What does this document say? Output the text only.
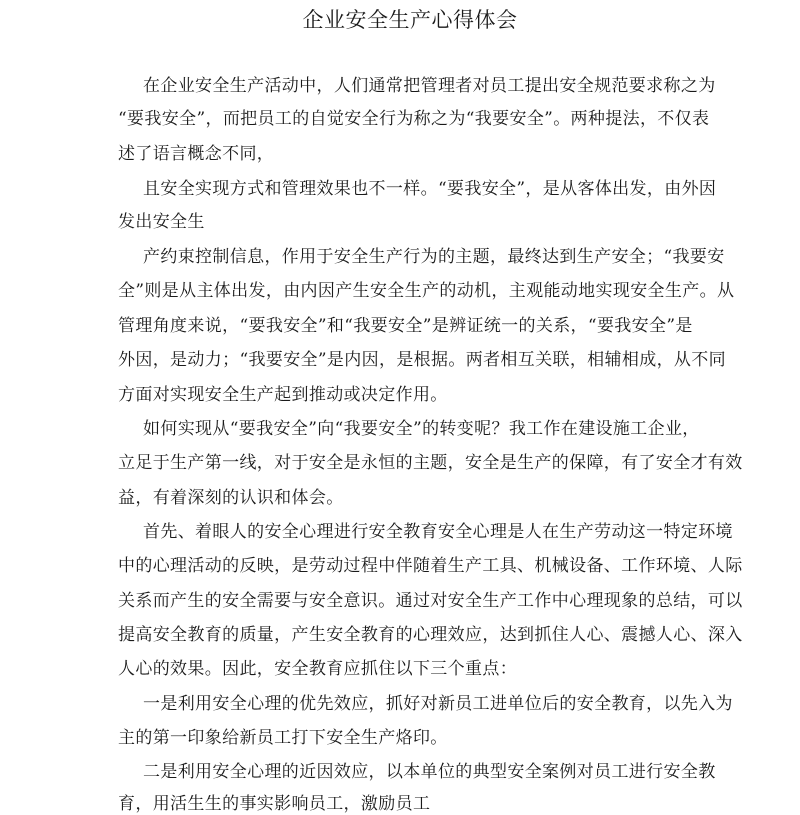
企业安全生产心得体会
在企业安全生产活动中，人们通常把管理者对员工提出安全规范要求称之为
“要我安全”，而把员工的自觉安全行为称之为“我要安全”。两种提法，不仅表
述了语言概念不同，
且安全实现方式和管理效果也不一样。“要我安全”，是从客体出发，由外因
发出安全生
产约束控制信息，作用于安全生产行为的主题，最终达到生产安全；“我要安
全”则是从主体出发，由内因产生安全生产的动机，主观能动地实现安全生产。从
管理角度来说，“要我安全”和“我要安全”是辨证统一的关系，“要我安全”是
外因，是动力；“我要安全”是内因，是根据。两者相互关联，相辅相成，从不同
方面对实现安全生产起到推动或决定作用。
如何实现从“要我安全”向“我要安全”的转变呢？我工作在建设施工企业，
立足于生产第一线，对于安全是永恒的主题，安全是生产的保障，有了安全才有效
益，有着深刻的认识和体会。
首先、着眼人的安全心理进行安全教育安全心理是人在生产劳动这一特定环境
中的心理活动的反映，是劳动过程中伴随着生产工具、机械设备、工作环境、人际
关系而产生的安全需要与安全意识。通过对安全生产工作中心理现象的总结，可以
提高安全教育的质量，产生安全教育的心理效应，达到抓住人心、震撼人心、深入
人心的效果。因此，安全教育应抓住以下三个重点：
一是利用安全心理的优先效应，抓好对新员工进单位后的安全教育，以先入为
主的第一印象给新员工打下安全生产烙印。
二是利用安全心理的近因效应，以本单位的典型安全案例对员工进行安全教
育，用活生生的事实影响员工，激励员工
